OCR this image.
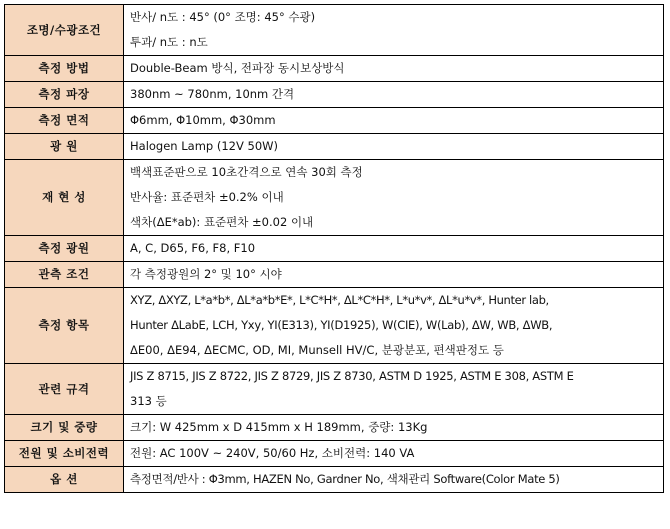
조명/수광조건	반사/ n도 : 45° (0° 조명: 45° 수광)
투과/ n도 : n도

측정 방법	Double-Beam 방식, 전파장 동시보상방식

측정 파장	380nm ~ 780nm, 10nm 간격

측정 면적	Φ6mm, Φ10mm, Φ30mm

광 원	Halogen Lamp (12V 50W)

재 현 성	백색표준판으로 10초간격으로 연속 30회 측정
반사율: 표준편차 ±0.2% 이내
색차(ΔE*ab): 표준편차 ±0.02 이내

측정 광원	A, C, D65, F6, F8, F10

관측 조건	각 측정광원의 2° 및 10° 시야

측정 항목	XYZ, ΔXYZ, L*a*b*, ΔL*a*b*E*, L*C*H*, ΔL*C*H*, L*u*v*, ΔL*u*v*, Hunter lab,
Hunter ΔLabE, LCH, Yxy, YI(E313), YI(D1925), W(CIE), W(Lab), ΔW, WB, ΔWB,
ΔE00, ΔE94, ΔECMC, OD, MI, Munsell HV/C, 분광분포, 편색판정도 등

관련 규격	JIS Z 8715, JIS Z 8722, JIS Z 8729, JIS Z 8730, ASTM D 1925, ASTM E 308, ASTM E
313 등

크기 및 중량	크기: W 425mm x D 415mm x H 189mm, 중량: 13Kg

전원 및 소비전력	전원: AC 100V ~ 240V, 50/60 Hz, 소비전력: 140 VA

옵 션	측정면적/반사 : Φ3mm, HAZEN No, Gardner No, 색채관리 Software(Color Mate 5)
